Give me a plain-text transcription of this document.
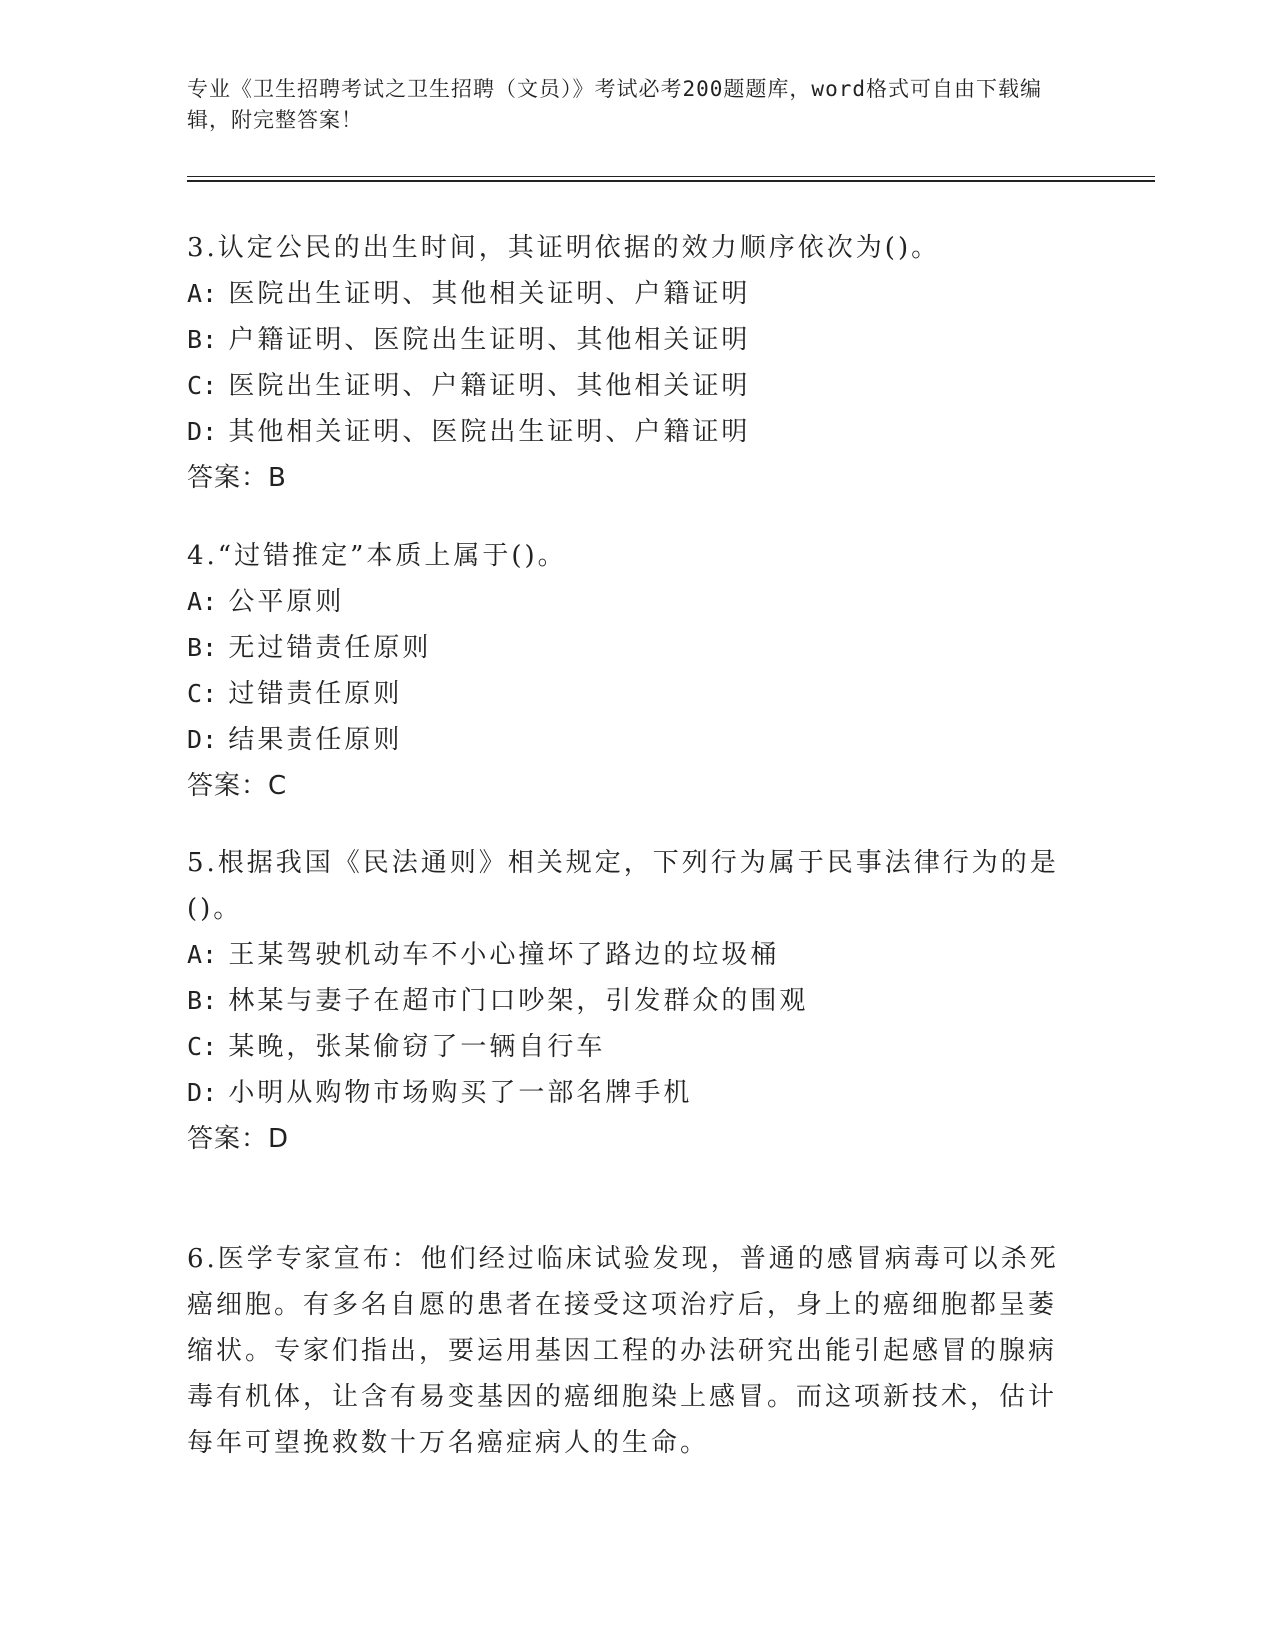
专业《卫生招聘考试之卫生招聘（文员）》考试必考200题题库，word格式可自由下载编辑，附完整答案！

3.认定公民的出生时间，其证明依据的效力顺序依次为()。

A: 医院出生证明、其他相关证明、户籍证明

B: 户籍证明、医院出生证明、其他相关证明

C: 医院出生证明、户籍证明、其他相关证明

D: 其他相关证明、医院出生证明、户籍证明

答案：B

4.“过错推定”本质上属于()。

A: 公平原则

B: 无过错责任原则

C: 过错责任原则

D: 结果责任原则

答案：C

5.根据我国《民法通则》相关规定，下列行为属于民事法律行为的是()。

A: 王某驾驶机动车不小心撞坏了路边的垃圾桶

B: 林某与妻子在超市门口吵架，引发群众的围观

C: 某晚，张某偷窃了一辆自行车

D: 小明从购物市场购买了一部名牌手机

答案：D

6.医学专家宣布：他们经过临床试验发现，普通的感冒病毒可以杀死癌细胞。有多名自愿的患者在接受这项治疗后，身上的癌细胞都呈萎缩状。专家们指出，要运用基因工程的办法研究出能引起感冒的腺病毒有机体，让含有易变基因的癌细胞染上感冒。而这项新技术，估计每年可望挽救数十万名癌症病人的生命。
